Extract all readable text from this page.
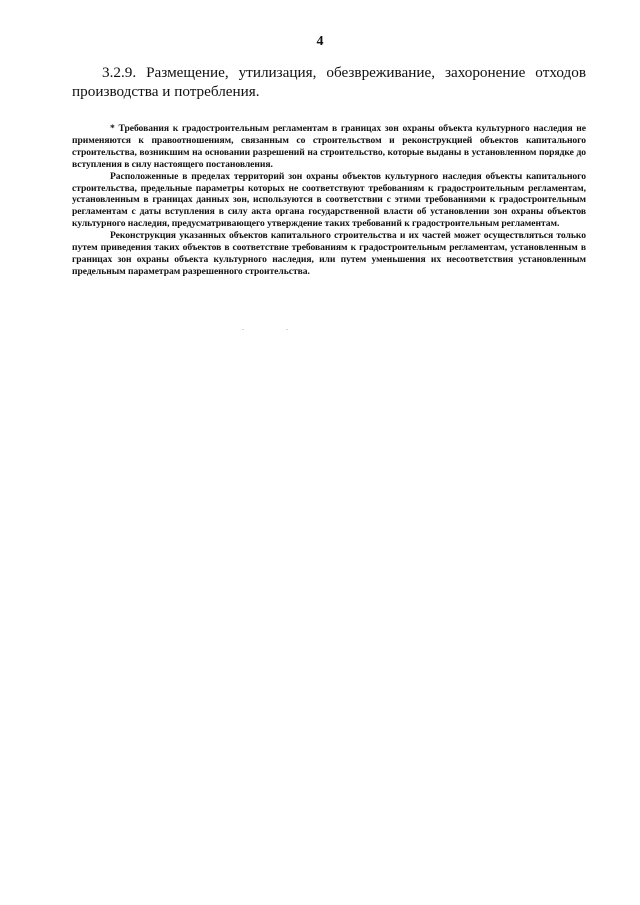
4
3.2.9. Размещение, утилизация, обезвреживание, захоронение отходов производства и потребления.

* Требования к градостроительным регламентам в границах зон охраны объекта культурного наследия не применяются к правоотношениям, связанным со строительством и реконструкцией объектов капитального строительства, возникшим на основании разрешений на строительство, которые выданы в установленном порядке до вступления в силу настоящего постановления.

Расположенные в пределах территорий зон охраны объектов культурного наследия объекты капитального строительства, предельные параметры которых не соответствуют требованиям к градостроительным регламентам, установленным в границах данных зон, используются в соответствии с этими требованиями к градостроительным регламентам с даты вступления в силу акта органа государственной власти об установлении зон охраны объектов культурного наследия, предусматривающего утверждение таких требований к градостроительным регламентам.

Реконструкция указанных объектов капитального строительства и их частей может осуществляться только путем приведения таких объектов в соответствие требованиям к градостроительным регламентам, установленным в границах зон охраны объекта культурного наследия, или путем уменьшения их несоответствия установленным предельным параметрам разрешенного строительства.
